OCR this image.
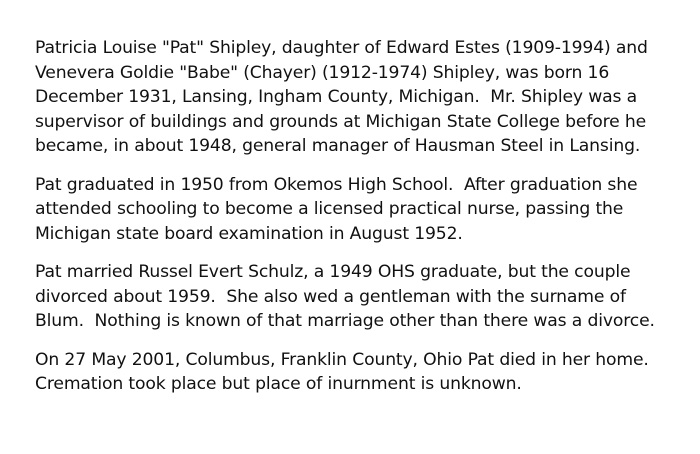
Patricia Louise "Pat" Shipley, daughter of Edward Estes (1909-1994) and
Venevera Goldie "Babe" (Chayer) (1912-1974) Shipley, was born 16
December 1931, Lansing, Ingham County, Michigan.  Mr. Shipley was a
supervisor of buildings and grounds at Michigan State College before he
became, in about 1948, general manager of Hausman Steel in Lansing.

Pat graduated in 1950 from Okemos High School.  After graduation she
attended schooling to become a licensed practical nurse, passing the
Michigan state board examination in August 1952.

Pat married Russel Evert Schulz, a 1949 OHS graduate, but the couple
divorced about 1959.  She also wed a gentleman with the surname of
Blum.  Nothing is known of that marriage other than there was a divorce.

On 27 May 2001, Columbus, Franklin County, Ohio Pat died in her home.
Cremation took place but place of inurnment is unknown.
